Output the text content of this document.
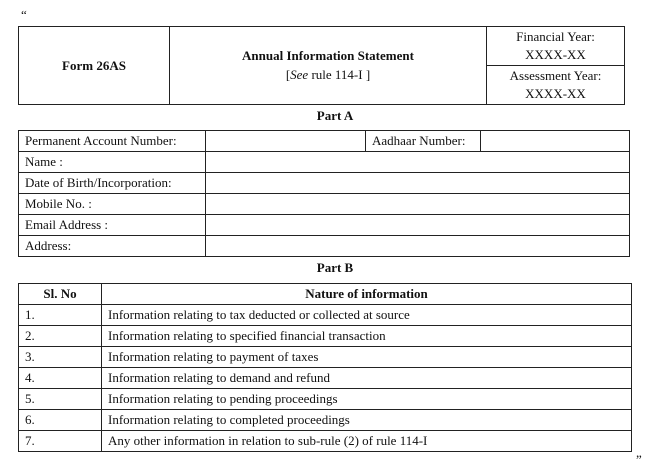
“
Form 26AS	
Annual Information Statement
[See rule 114-I ]

Financial Year:
XXXX-XX

Assessment Year:
XXXX-XX
Part A
Permanent Account Number:		Aadhaar Number:	
Name :			
Date of Birth/Incorporation:			
Mobile No. :			
Email Address :			
Address:			
Part B
Sl. No	Nature of information
1.	Information relating to tax deducted or collected at source
2.	Information relating to specified financial transaction
3.	Information relating to payment of taxes
4.	Information relating to demand and refund
5.	Information relating to pending proceedings
6.	Information relating to completed proceedings
7.	Any other information in relation to sub-rule (2) of rule 114-I
”
